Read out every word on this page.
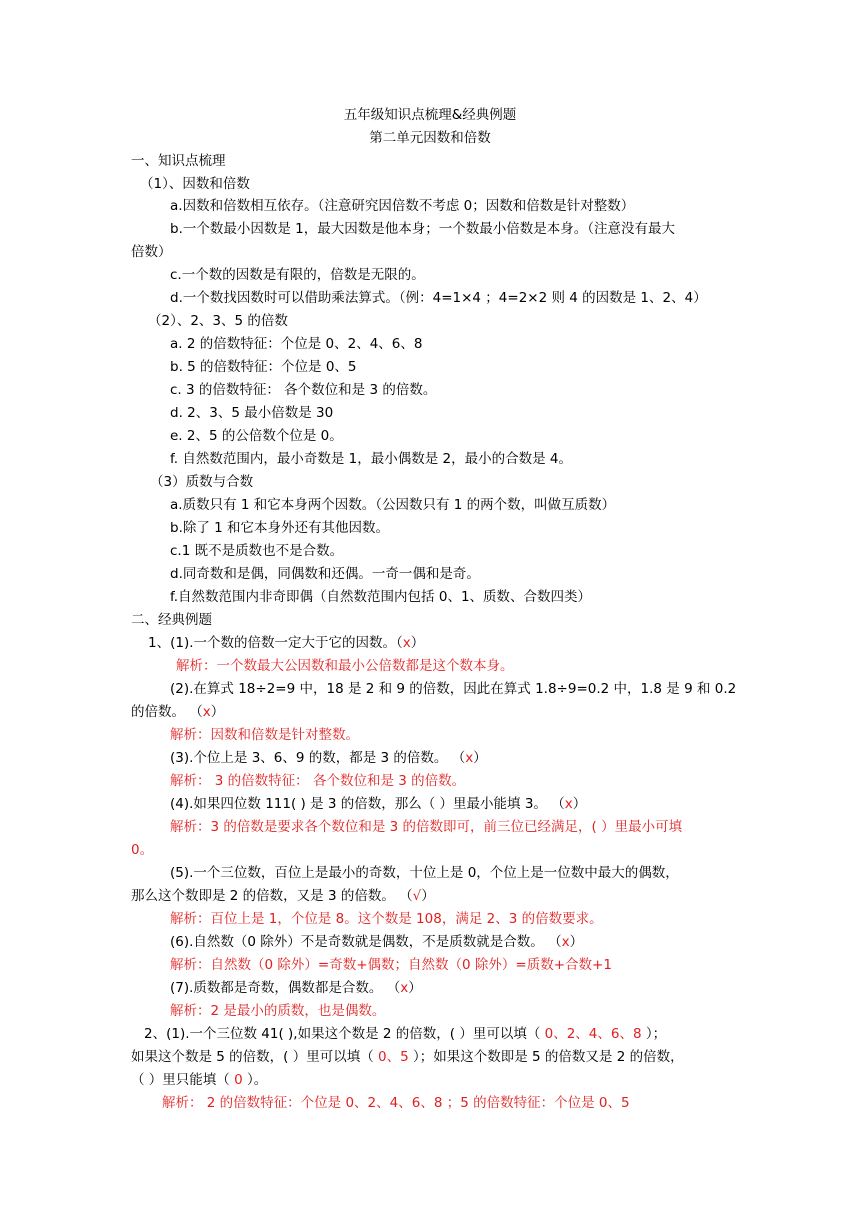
五年级知识点梳理&经典例题
第二单元因数和倍数
一、知识点梳理
（1）、因数和倍数
a.因数和倍数相互依存。（注意研究因倍数不考虑 0；因数和倍数是针对整数）
b.一个数最小因数是 1，最大因数是他本身；一个数最小倍数是本身。（注意没有最大
倍数）
c.一个数的因数是有限的，倍数是无限的。
d.一个数找因数时可以借助乘法算式。（例：4=1×4 ；4=2×2 则 4 的因数是 1、2、4）
（2）、2、3、5 的倍数
a. 2 的倍数特征：个位是 0、2、4、6、8
b. 5 的倍数特征：个位是 0、5
c. 3 的倍数特征： 各个数位和是 3 的倍数。
d. 2、3、5 最小倍数是 30
e. 2、5 的公倍数个位是 0。
f. 自然数范围内，最小奇数是 1，最小偶数是 2，最小的合数是 4。
（3）质数与合数
a.质数只有 1 和它本身两个因数。（公因数只有 1 的两个数，叫做互质数）
b.除了 1 和它本身外还有其他因数。
c.1 既不是质数也不是合数。
d.同奇数和是偶，同偶数和还偶。一奇一偶和是奇。
f.自然数范围内非奇即偶（自然数范围内包括 0、1、质数、合数四类）
二、经典例题
1、(1).一个数的倍数一定大于它的因数。（x）
解析：一个数最大公因数和最小公倍数都是这个数本身。
(2).在算式 18÷2=9 中，18 是 2 和 9 的倍数，因此在算式 1.8÷9=0.2 中，1.8 是 9 和 0.2
的倍数。 （x）
解析：因数和倍数是针对整数。
(3).个位上是 3、6、9 的数，都是 3 的倍数。 （x）
解析： 3 的倍数特征： 各个数位和是 3 的倍数。
(4).如果四位数 111( ) 是 3 的倍数，那么（ ）里最小能填 3。 （x）
解析：3 的倍数是要求各个数位和是 3 的倍数即可，前三位已经满足，( ）里最小可填
0。
(5).一个三位数，百位上是最小的奇数，十位上是 0，个位上是一位数中最大的偶数，
那么这个数即是 2 的倍数，又是 3 的倍数。 （√）
解析：百位上是 1，个位是 8。这个数是 108，满足 2、3 的倍数要求。
(6).自然数（0 除外）不是奇数就是偶数，不是质数就是合数。 （x）
解析：自然数（0 除外）=奇数+偶数；自然数（0 除外）=质数+合数+1
(7).质数都是奇数，偶数都是合数。 （x）
解析：2 是最小的质数，也是偶数。
2、(1).一个三位数 41( ),如果这个数是 2 的倍数，( ）里可以填（ 0、2、4、6、8 ）；
如果这个数是 5 的倍数，( ）里可以填（ 0、5 ）；如果这个数即是 5 的倍数又是 2 的倍数，
（ ）里只能填（ 0 ）。
解析： 2 的倍数特征：个位是 0、2、4、6、8 ；5 的倍数特征：个位是 0、5
